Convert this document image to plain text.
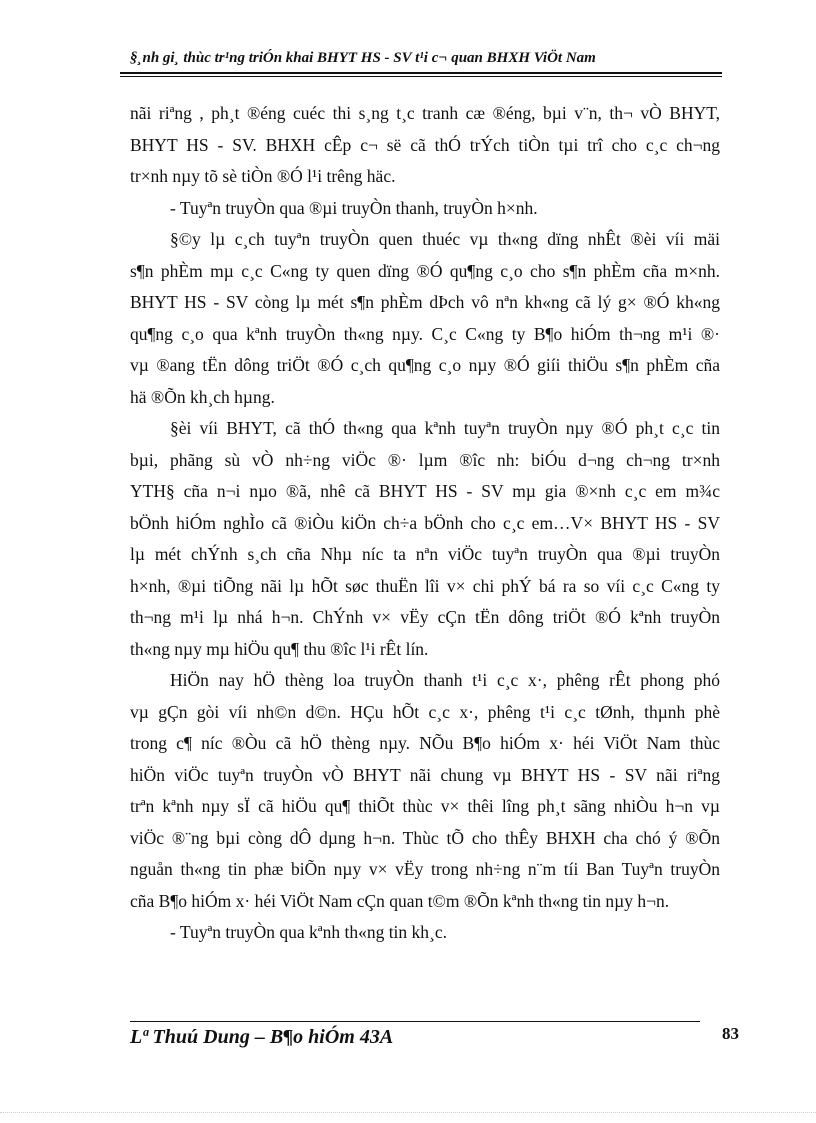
§¸nh gi¸ thùc tr¹ng triÓn khai BHYT HS - SV t¹i c¬ quan BHXH ViÖt Nam
nãi riªng , ph¸t ®éng cuéc thi s¸ng t¸c tranh cæ ®éng, bµi v¨n, th¬ vÒ BHYT,
BHYT HS - SV. BHXH cÊp c¬ së cã thÓ trÝch tiÒn tµi trî cho c¸c ch¬ng
tr×nh nµy tõ sè tiÒn ®Ó l¹i trêng häc.
- Tuyªn truyÒn qua ®µi truyÒn thanh, truyÒn h×nh.
§©y lµ c¸ch tuyªn truyÒn quen thuéc vµ th«ng dïng nhÊt ®èi víi mäi
s¶n phÈm mµ c¸c C«ng ty quen dïng ®Ó qu¶ng c¸o cho s¶n phÈm cña m×nh.
BHYT HS - SV còng lµ mét s¶n phÈm dÞch vô nªn kh«ng cã lý g× ®Ó kh«ng
qu¶ng c¸o qua kªnh truyÒn th«ng nµy. C¸c C«ng ty B¶o hiÓm th¬ng m¹i ®·
vµ ®ang tËn dông triÖt ®Ó c¸ch qu¶ng c¸o nµy ®Ó giíi thiÖu s¶n phÈm cña
hä ®Õn kh¸ch hµng.
§èi víi BHYT, cã thÓ th«ng qua kªnh tuyªn truyÒn nµy ®Ó ph¸t c¸c tin
bµi, phãng sù vÒ nh÷ng viÖc ®· lµm ®îc nh: biÓu d¬ng ch¬ng tr×nh
YTH§ cña n¬i nµo ®ã, nhê cã BHYT HS - SV mµ gia ®×nh c¸c em m¾c
bÖnh hiÓm nghÌo cã ®iÒu kiÖn ch÷a bÖnh cho c¸c em…V× BHYT HS - SV
lµ mét chÝnh s¸ch cña Nhµ níc ta nªn viÖc tuyªn truyÒn qua ®µi truyÒn
h×nh, ®µi tiÕng nãi lµ hÕt søc thuËn lîi v× chi phÝ bá ra so víi c¸c C«ng ty
th¬ng m¹i lµ nhá h¬n. ChÝnh v× vËy cÇn tËn dông triÖt ®Ó kªnh truyÒn
th«ng nµy mµ hiÖu qu¶ thu ®îc l¹i rÊt lín.
HiÖn nay hÖ thèng loa truyÒn thanh t¹i c¸c x·, phêng rÊt phong phó
vµ gÇn gòi víi nh©n d©n. HÇu hÕt c¸c x·, phêng t¹i c¸c tØnh, thµnh phè
trong c¶ níc ®Òu cã hÖ thèng nµy. NÕu B¶o hiÓm x· héi ViÖt Nam thùc
hiÖn viÖc tuyªn truyÒn vÒ BHYT nãi chung vµ BHYT HS - SV nãi riªng
trªn kªnh nµy sÏ cã hiÖu qu¶ thiÕt thùc v× thêi lîng ph¸t sãng nhiÒu h¬n vµ
viÖc ®¨ng bµi còng dÔ dµng h¬n. Thùc tÕ cho thÊy BHXH cha chó ý ®Õn
nguån th«ng tin phæ biÕn nµy v× vËy trong nh÷ng n¨m tíi Ban Tuyªn truyÒn
cña B¶o hiÓm x· héi ViÖt Nam cÇn quan t©m ®Õn kªnh th«ng tin nµy h¬n.
- Tuyªn truyÒn qua kªnh th«ng tin kh¸c.
Lª Thuú Dung – B¶o hiÓm 43A	83
